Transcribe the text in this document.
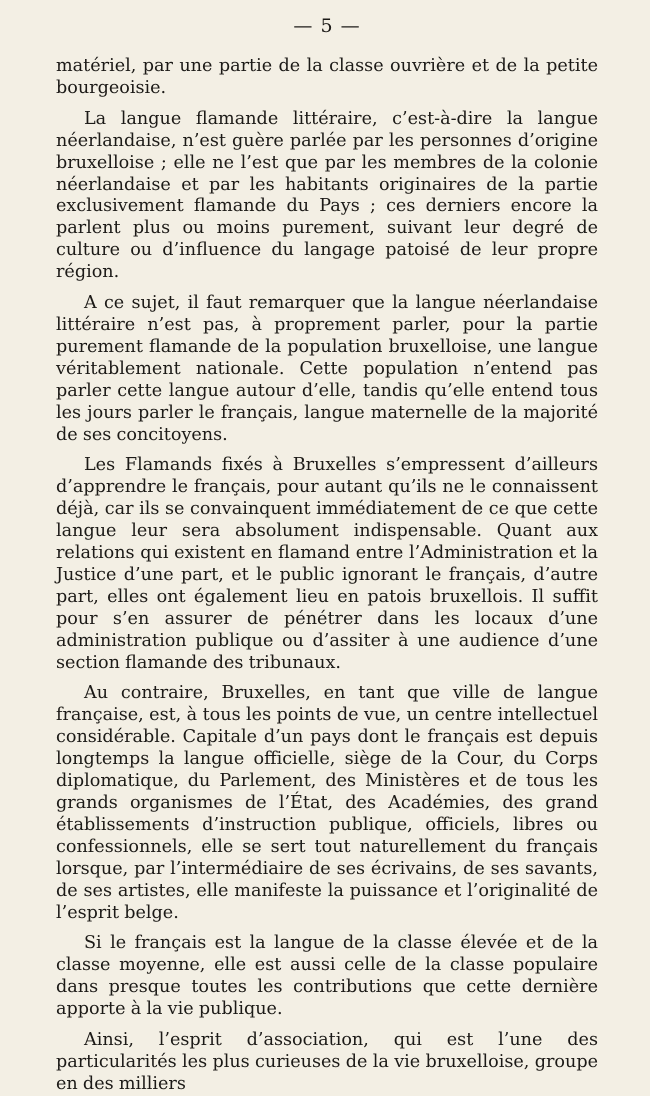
— 5 —

matériel, par une partie de la classe ouvrière et de la petite bourgeoisie.

La langue flamande littéraire, c’est-à-dire la langue néerlandaise, n’est guère parlée par les personnes d’origine bruxelloise ; elle ne l’est que par les membres de la colonie néerlandaise et par les habitants originaires de la partie exclusivement flamande du Pays ; ces derniers encore la parlent plus ou moins purement, suivant leur degré de culture ou d’influence du langage patoisé de leur propre région.

A ce sujet, il faut remarquer que la langue néerlandaise littéraire n’est pas, à proprement parler, pour la partie purement flamande de la population bruxelloise, une langue véritablement nationale. Cette population n’entend pas parler cette langue autour d’elle, tandis qu’elle entend tous les jours parler le français, langue maternelle de la majorité de ses concitoyens.

Les Flamands fixés à Bruxelles s’empressent d’ailleurs d’apprendre le français, pour autant qu’ils ne le connaissent déjà, car ils se convainquent immédiatement de ce que cette langue leur sera absolument indispensable. Quant aux relations qui existent en flamand entre l’Administration et la Justice d’une part, et le public ignorant le français, d’autre part, elles ont également lieu en patois bruxellois. Il suffit pour s’en assurer de pénétrer dans les locaux d’une administration publique ou d’assiter à une audience d’une section flamande des tribunaux.

Au contraire, Bruxelles, en tant que ville de langue française, est, à tous les points de vue, un centre intellectuel considérable. Capitale d’un pays dont le français est depuis longtemps la langue officielle, siège de la Cour, du Corps diplomatique, du Parlement, des Ministères et de tous les grands organismes de l’État, des Académies, des grand établissements d’instruction publique, officiels, libres ou confessionnels, elle se sert tout naturellement du français lorsque, par l’intermédiaire de ses écrivains, de ses savants, de ses artistes, elle manifeste la puissance et l’originalité de l’esprit belge.

Si le français est la langue de la classe élevée et de la classe moyenne, elle est aussi celle de la classe populaire dans presque toutes les contributions que cette dernière apporte à la vie publique.

Ainsi, l’esprit d’association, qui est l’une des particularités les plus curieuses de la vie bruxelloise, groupe en des milliers
